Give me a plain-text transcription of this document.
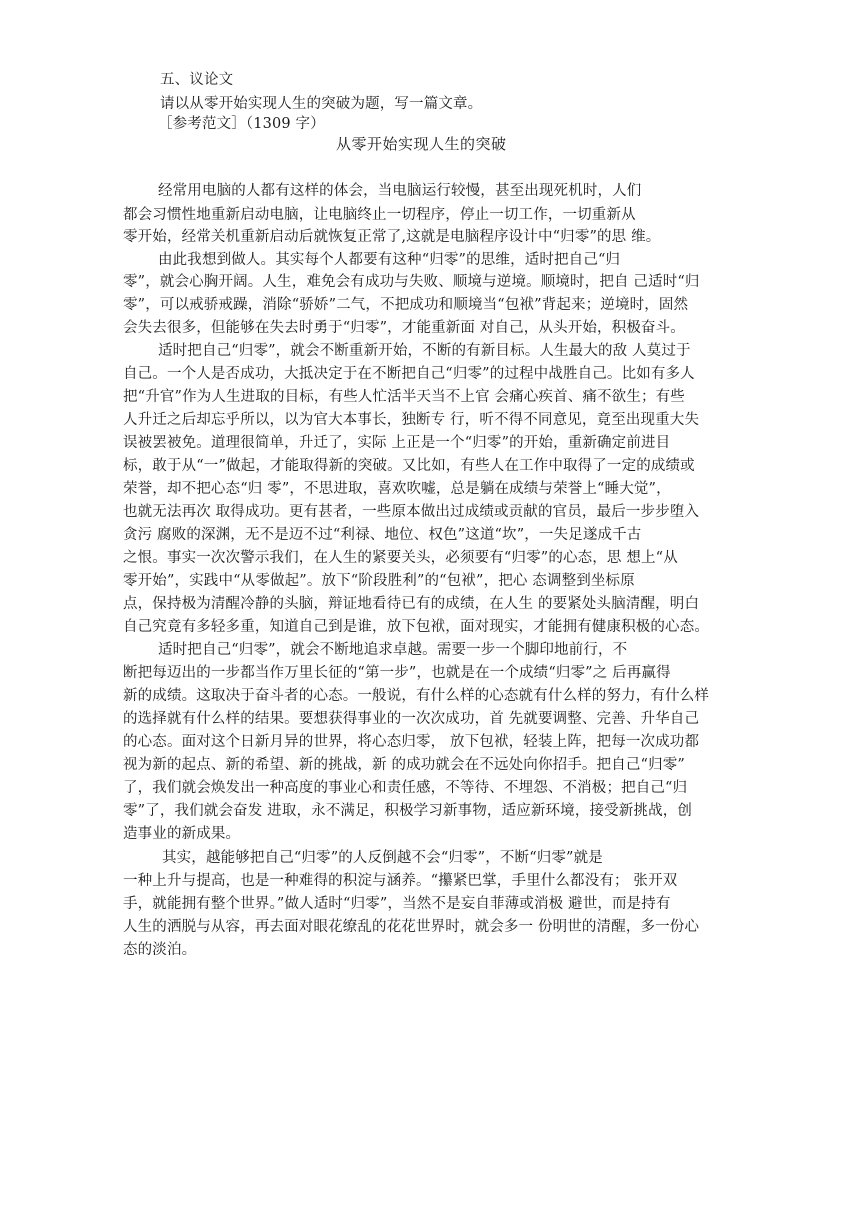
五、议论文
请以从零开始实现人生的突破为题，写一篇文章。
［参考范文］（1309 字）
从零开始实现人生的突破
经常用电脑的人都有这样的体会，当电脑运行较慢，甚至出现死机时，人们
都会习惯性地重新启动电脑，让电脑终止一切程序，停止一切工作，一切重新从
零开始，经常关机重新启动后就恢复正常了,这就是电脑程序设计中“归零”的思 维。
由此我想到做人。其实每个人都要有这种“归零”的思维，适时把自己“归
零”，就会心胸开阔。人生，难免会有成功与失败、顺境与逆境。顺境时，把自 己适时“归
零”，可以戒骄戒躁，消除“骄娇”二气，不把成功和顺境当“包袱”背起来；逆境时，固然
会失去很多，但能够在失去时勇于“归零”，才能重新面 对自己，从头开始，积极奋斗。
适时把自己“归零”，就会不断重新开始，不断的有新目标。人生最大的敌 人莫过于
自己。一个人是否成功，大抵决定于在不断把自己“归零”的过程中战胜自己。比如有多人
把“升官”作为人生进取的目标，有些人忙活半天当不上官 会痛心疾首、痛不欲生；有些
人升迁之后却忘乎所以，以为官大本事长，独断专 行，听不得不同意见，竟至出现重大失
误被罢被免。道理很简单，升迁了，实际 上正是一个“归零”的开始，重新确定前进目
标，敢于从“一”做起，才能取得新的突破。又比如，有些人在工作中取得了一定的成绩或
荣誉，却不把心态“归 零”，不思进取，喜欢吹嘘，总是躺在成绩与荣誉上“睡大觉”，
也就无法再次 取得成功。更有甚者，一些原本做出过成绩或贡献的官员，最后一步步堕入
贪污 腐败的深渊，无不是迈不过“利禄、地位、权色”这道“坎”，一失足遂成千古
之恨。事实一次次警示我们，在人生的紧要关头，必须要有“归零”的心态，思 想上“从
零开始”，实践中“从零做起”。放下“阶段胜利”的“包袱”，把心 态调整到坐标原
点，保持极为清醒冷静的头脑，辩证地看待已有的成绩，在人生 的要紧处头脑清醒，明白
自己究竟有多轻多重，知道自己到是谁，放下包袱，面对现实，才能拥有健康积极的心态。
适时把自己“归零”，就会不断地追求卓越。需要一步一个脚印地前行，不
断把每迈出的一步都当作万里长征的“第一步”，也就是在一个成绩“归零”之 后再赢得
新的成绩。这取决于奋斗者的心态。一般说，有什么样的心态就有什么样的努力，有什么样
的选择就有什么样的结果。要想获得事业的一次次成功，首 先就要调整、完善、升华自己
的心态。面对这个日新月异的世界，将心态归零， 放下包袱，轻装上阵，把每一次成功都
视为新的起点、新的希望、新的挑战，新 的成功就会在不远处向你招手。把自己“归零”
了，我们就会焕发出一种高度的事业心和责任感，不等待、不埋怨、不消极；把自己“归
零”了，我们就会奋发 进取，永不满足，积极学习新事物，适应新环境，接受新挑战，创
造事业的新成果。
其实，越能够把自己“归零”的人反倒越不会“归零”，不断“归零”就是
一种上升与提高，也是一种难得的积淀与涵养。“攥紧巴掌，手里什么都没有； 张开双
手，就能拥有整个世界。”做人适时“归零”，当然不是妄自菲薄或消极 避世，而是持有
人生的洒脱与从容，再去面对眼花缭乱的花花世界时，就会多一 份明世的清醒，多一份心
态的淡泊。
